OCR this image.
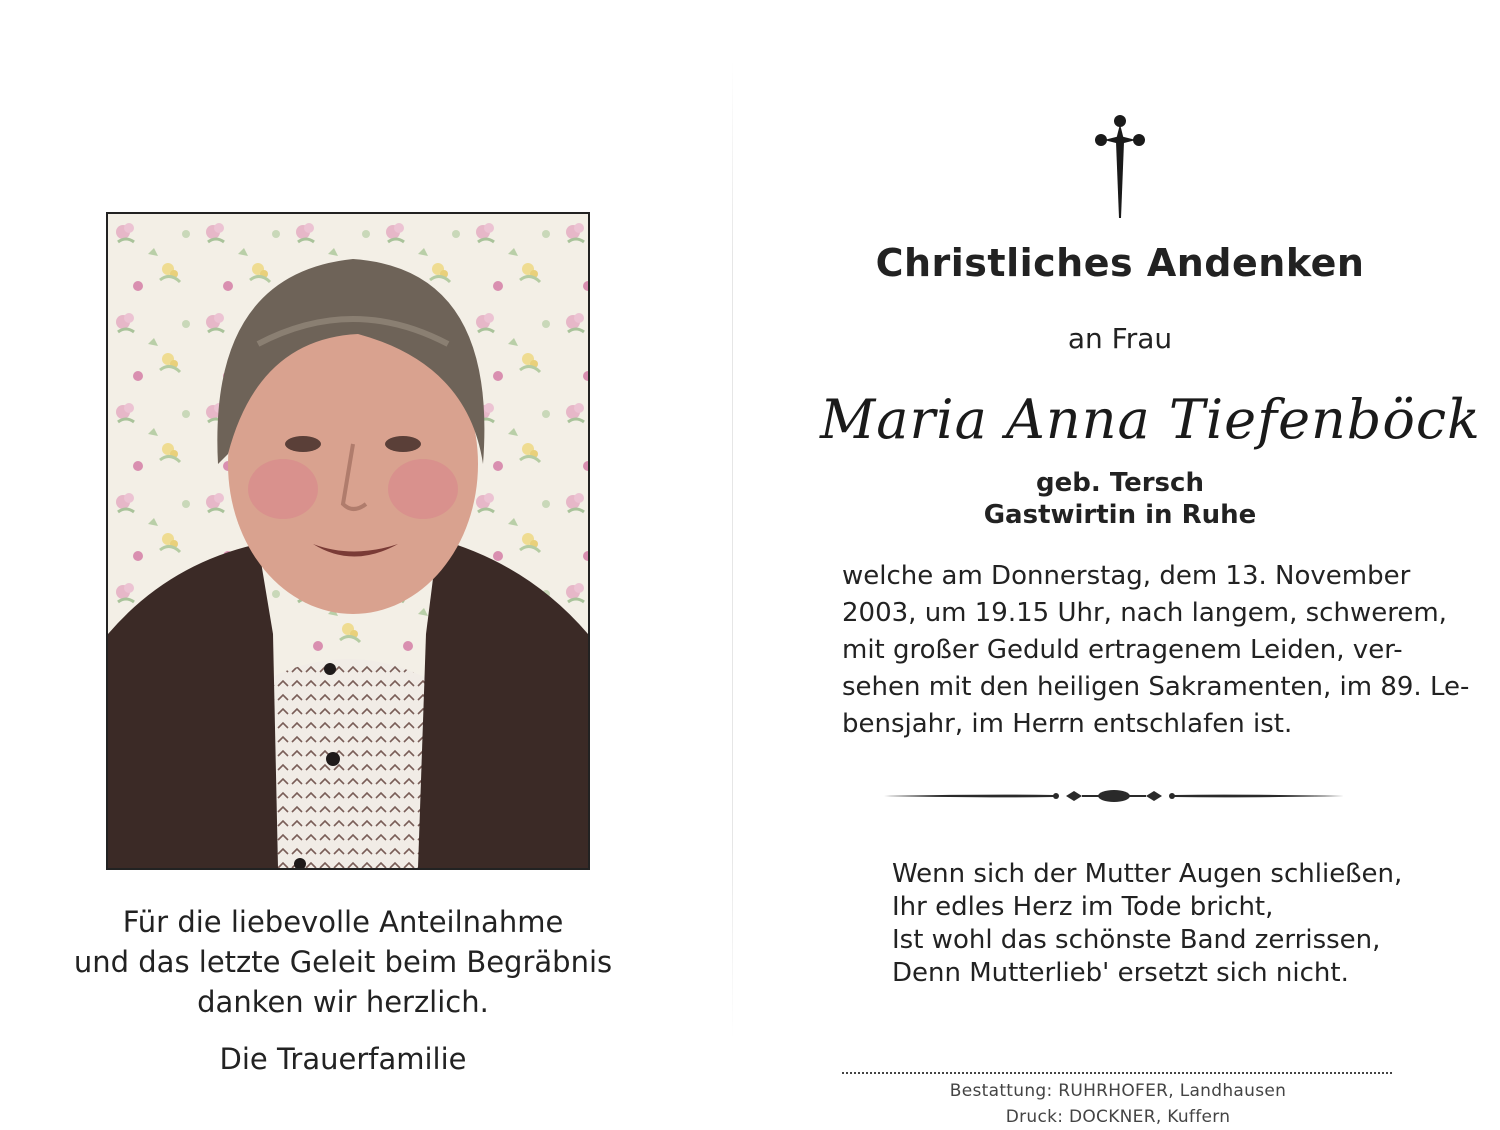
Für die liebevolle Anteilnahme
und das letzte Geleit beim Begräbnis
danken wir herzlich.
Die Trauerfamilie
Christliches Andenken
an Frau
Maria Anna Tiefenböck
geb. Tersch
Gastwirtin in Ruhe
welche am Donnerstag, dem 13. November
2003, um 19.15 Uhr, nach langem, schwerem,
mit großer Geduld ertragenem Leiden, ver-
sehen mit den heiligen Sakramenten, im 89. Le-
bensjahr, im Herrn entschlafen ist.
Wenn sich der Mutter Augen schließen,
Ihr edles Herz im Tode bricht,
Ist wohl das schönste Band zerrissen,
Denn Mutterlieb' ersetzt sich nicht.
Bestattung: RUHRHOFER, Landhausen
Druck: DOCKNER, Kuffern
